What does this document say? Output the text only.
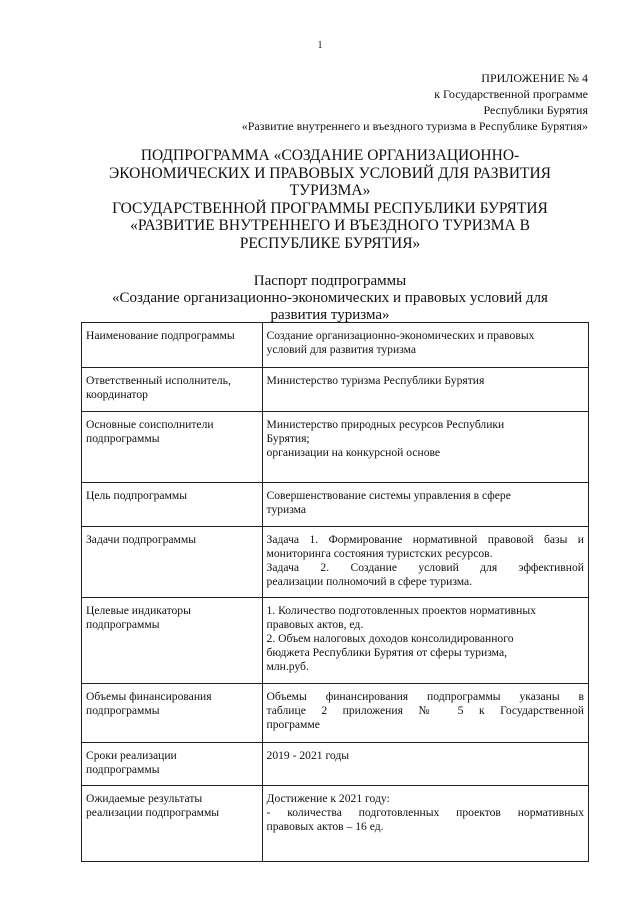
1
ПРИЛОЖЕНИЕ № 4
к Государственной программе
Республики Бурятия
«Развитие внутреннего и въездного туризма в Республике Бурятия»
ПОДПРОГРАММА «СОЗДАНИЕ ОРГАНИЗАЦИОННО-
ЭКОНОМИЧЕСКИХ И ПРАВОВЫХ УСЛОВИЙ ДЛЯ РАЗВИТИЯ
ТУРИЗМА»
ГОСУДАРСТВЕННОЙ ПРОГРАММЫ РЕСПУБЛИКИ БУРЯТИЯ
«РАЗВИТИЕ ВНУТРЕННЕГО И ВЪЕЗДНОГО ТУРИЗМА В
РЕСПУБЛИКЕ БУРЯТИЯ»
Паспорт подпрограммы
«Создание организационно-экономических и правовых условий для
развития туризма»
Наименование подпрограммы	Создание организационно-экономических и правовых
условий для развития туризма

Ответственный исполнитель,
координатор	Министерство туризма Республики Бурятия

Основные соисполнители
подпрограммы	Министерство природных ресурсов Республики
Бурятия;
организации на конкурсной основе

Цель подпрограммы	Совершенствование системы управления в сфере
туризма

Задачи подпрограммы	Задача 1. Формирование нормативной правовой базы и
мониторинга состояния туристских ресурсов.
Задача 2. Создание условий для эффективной
реализации полномочий в сфере туризма.

Целевые индикаторы
подпрограммы	1. Количество подготовленных проектов нормативных
правовых актов, ед.
2. Объем налоговых доходов консолидированного
бюджета Республики Бурятия от сферы туризма,
млн.руб.

Объемы финансирования
подпрограммы	Объемы финансирования подпрограммы указаны в
таблице 2 приложения № 5 к Государственной
программе

Сроки реализации
подпрограммы	2019 - 2021 годы

Ожидаемые результаты
реализации подпрограммы	Достижение к 2021 году:
- количества подготовленных проектов нормативных
правовых актов – 16 ед.
